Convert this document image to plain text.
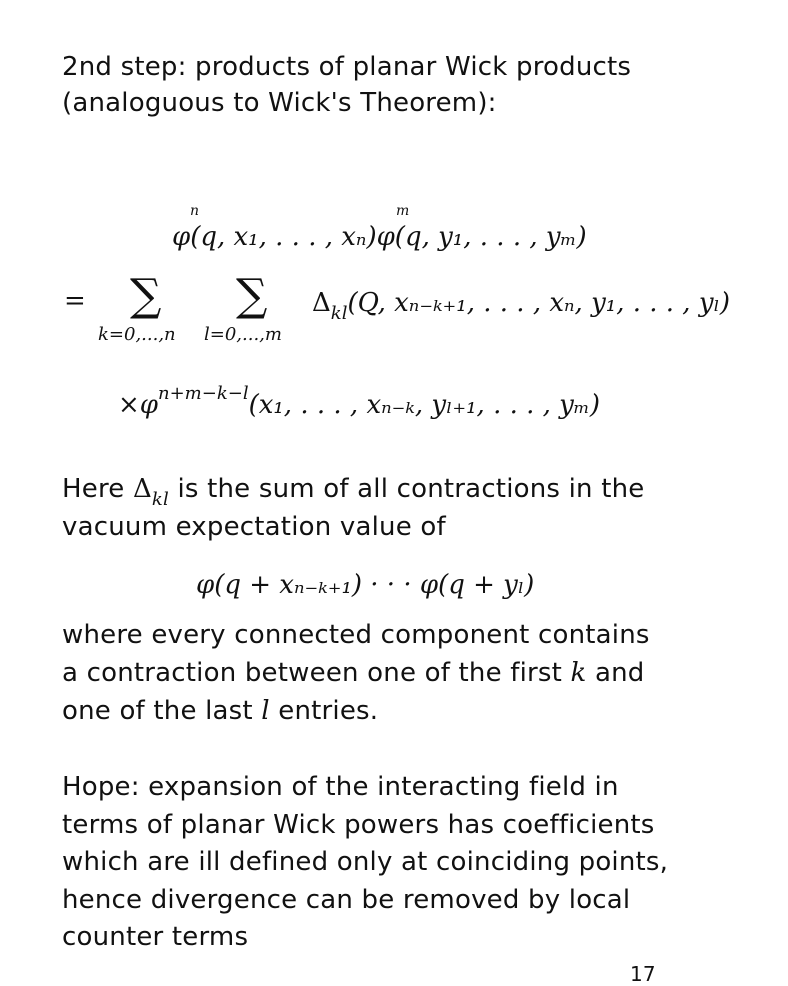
2nd step: products of planar Wick products
(analoguous to Wick's Theorem):
n	m
φ(q, x₁, . . . , xₙ)φ(q, y₁, . . . , yₘ)
= ∑ ∑
k=0,...,n l=0,...,m
$\Delta_{kl}(Q$, xₙ₋ₖ₊₁, . . . , xₙ, y₁, . . . , yₗ)
$\times\varphi^{n+m-k-l}(x_1$, . . . , xₙ₋ₖ, yₗ₊₁, . . . , yₘ)
Here $\Delta_{kl}$ is the sum of all contractions in the
vacuum expectation value of
φ(q + xₙ₋ₖ₊₁) · · · φ(q + yₗ)
where every connected component contains
a contraction between one of the first k and
one of the last l entries.
Hope: expansion of the interacting field in
terms of planar Wick powers has coefficients
which are ill defined only at coinciding points,
hence divergence can be removed by local
counter terms
17
